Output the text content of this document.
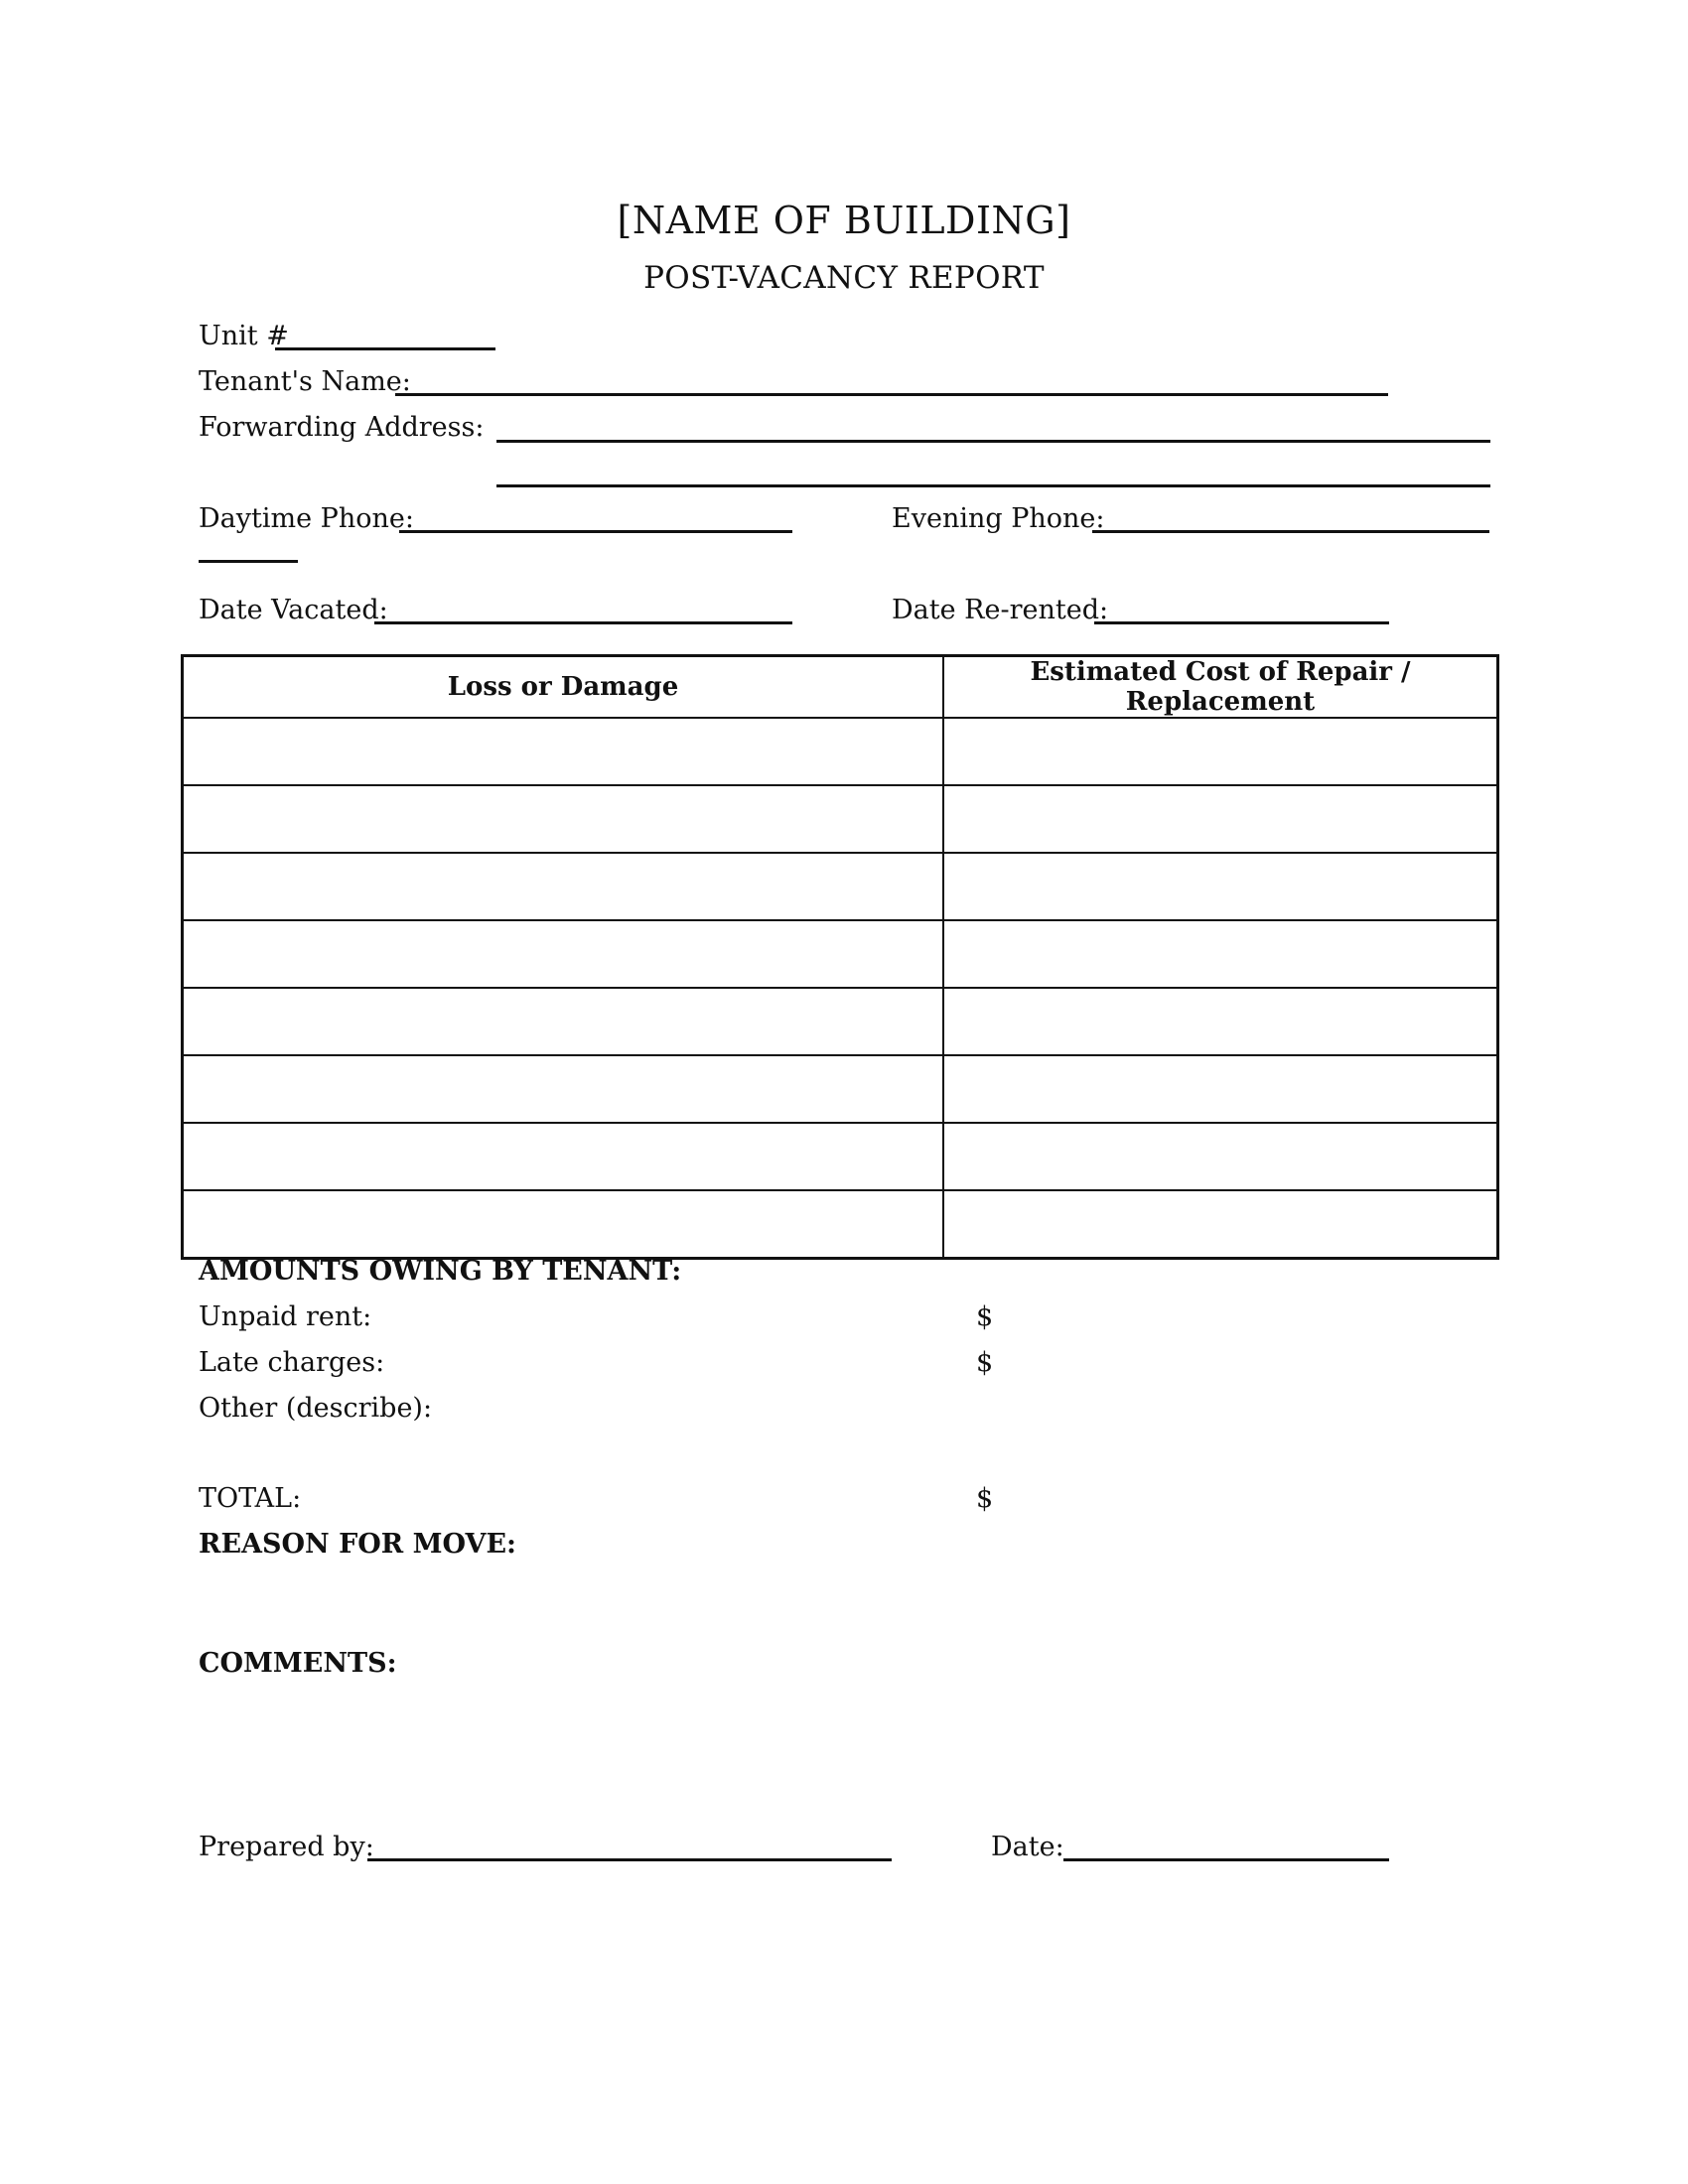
[NAME OF BUILDING]
POST-VACANCY REPORT
Unit #
Tenant's Name:
Forwarding Address:
Daytime Phone:	Evening Phone:
Date Vacated:	Date Re-rented:
Loss or Damage	Estimated Cost of Repair / Replacement

AMOUNTS OWING BY TENANT:
Unpaid rent:	$
Late charges:	$
Other (describe):
TOTAL:	$
REASON FOR MOVE:
COMMENTS:
Prepared by:	Date:
